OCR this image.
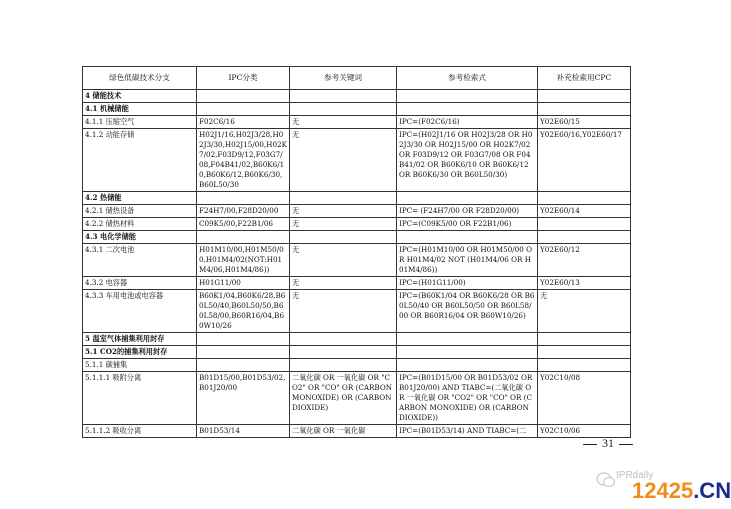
绿色低碳技术分支	IPC分类	参考关键词	参考检索式	补充检索用CPC
4 储能技术				
4.1 机械储能				
4.1.1 压缩空气	F02C6/16	无	IPC=(F02C6/16)	Y02E60/15
4.1.2 动能存储	H02J1/16,H02J3/28,H02J3/30,H02J15/00,H02K7/02,F03D9/12,F03G7/08,F04B41/02,B60K6/10,B60K6/12,B60K6/30,B60L50/30	无	IPC=(H02J1/16 OR H02J3/28 OR H02J3/30 OR H02J15/00 OR H02K7/02 OR F03D9/12 OR F03G7/08 OR F04B41/02 OR B60K6/10 OR B60K6/12 OR B60K6/30 OR B60L50/30)	Y02E60/16,Y02E60/17
4.2 热储能				
4.2.1 储热设备	F24H7/00,F28D20/00	无	IPC= (F24H7/00 OR F28D20/00)	Y02E60/14
4.2.2 储热材料	C09K5/00,F22B1/06	无	IPC=(C09K5/00 OR F22B1/06)	
4.3 电化学储能				
4.3.1 二次电池	H01M10/00,H01M50/00,H01M4/02(NOT:H01M4/06,H01M4/86))	无	IPC=(H01M10/00 OR H01M50/00 OR H01M4/02 NOT (H01M4/06 OR H01M4/86))	Y02E60/12
4.3.2 电容器	H01G11/00	无	IPC=(H01G11/00)	Y02E60/13
4.3.3 车用电池或电容器	B60K1/04,B60K6/28,B60L50/40,B60L50/50,B60L58/00,B60R16/04,B60W10/26	无	IPC=(B60K1/04 OR B60K6/28 OR B60L50/40 OR B60L50/50 OR B60L58/00 OR B60R16/04 OR B60W10/26)	无
5 温室气体捕集利用封存				
5.1 CO2的捕集利用封存				
5.1.1 碳捕集				
5.1.1.1 吸附分离	B01D15/00,B01D53/02,B01J20/00	二氧化碳 OR 一氧化碳 OR "CO2" OR "CO" OR (CARBON MONOXIDE) OR (CARBON DIOXIDE)	IPC=(B01D15/00 OR B01D53/02 OR B01J20/00) AND TIABC=(二氧化碳 OR 一氧化碳 OR "CO2" OR "CO" OR (CARBON MONOXIDE) OR (CARBON DIOXIDE))	Y02C10/08
5.1.1.2 吸收分离	B01D53/14	二氧化碳 OR 一氧化碳	IPC=(B01D53/14) AND TIABC=(二	Y02C10/06
31
IPRdaily
12425.CN
